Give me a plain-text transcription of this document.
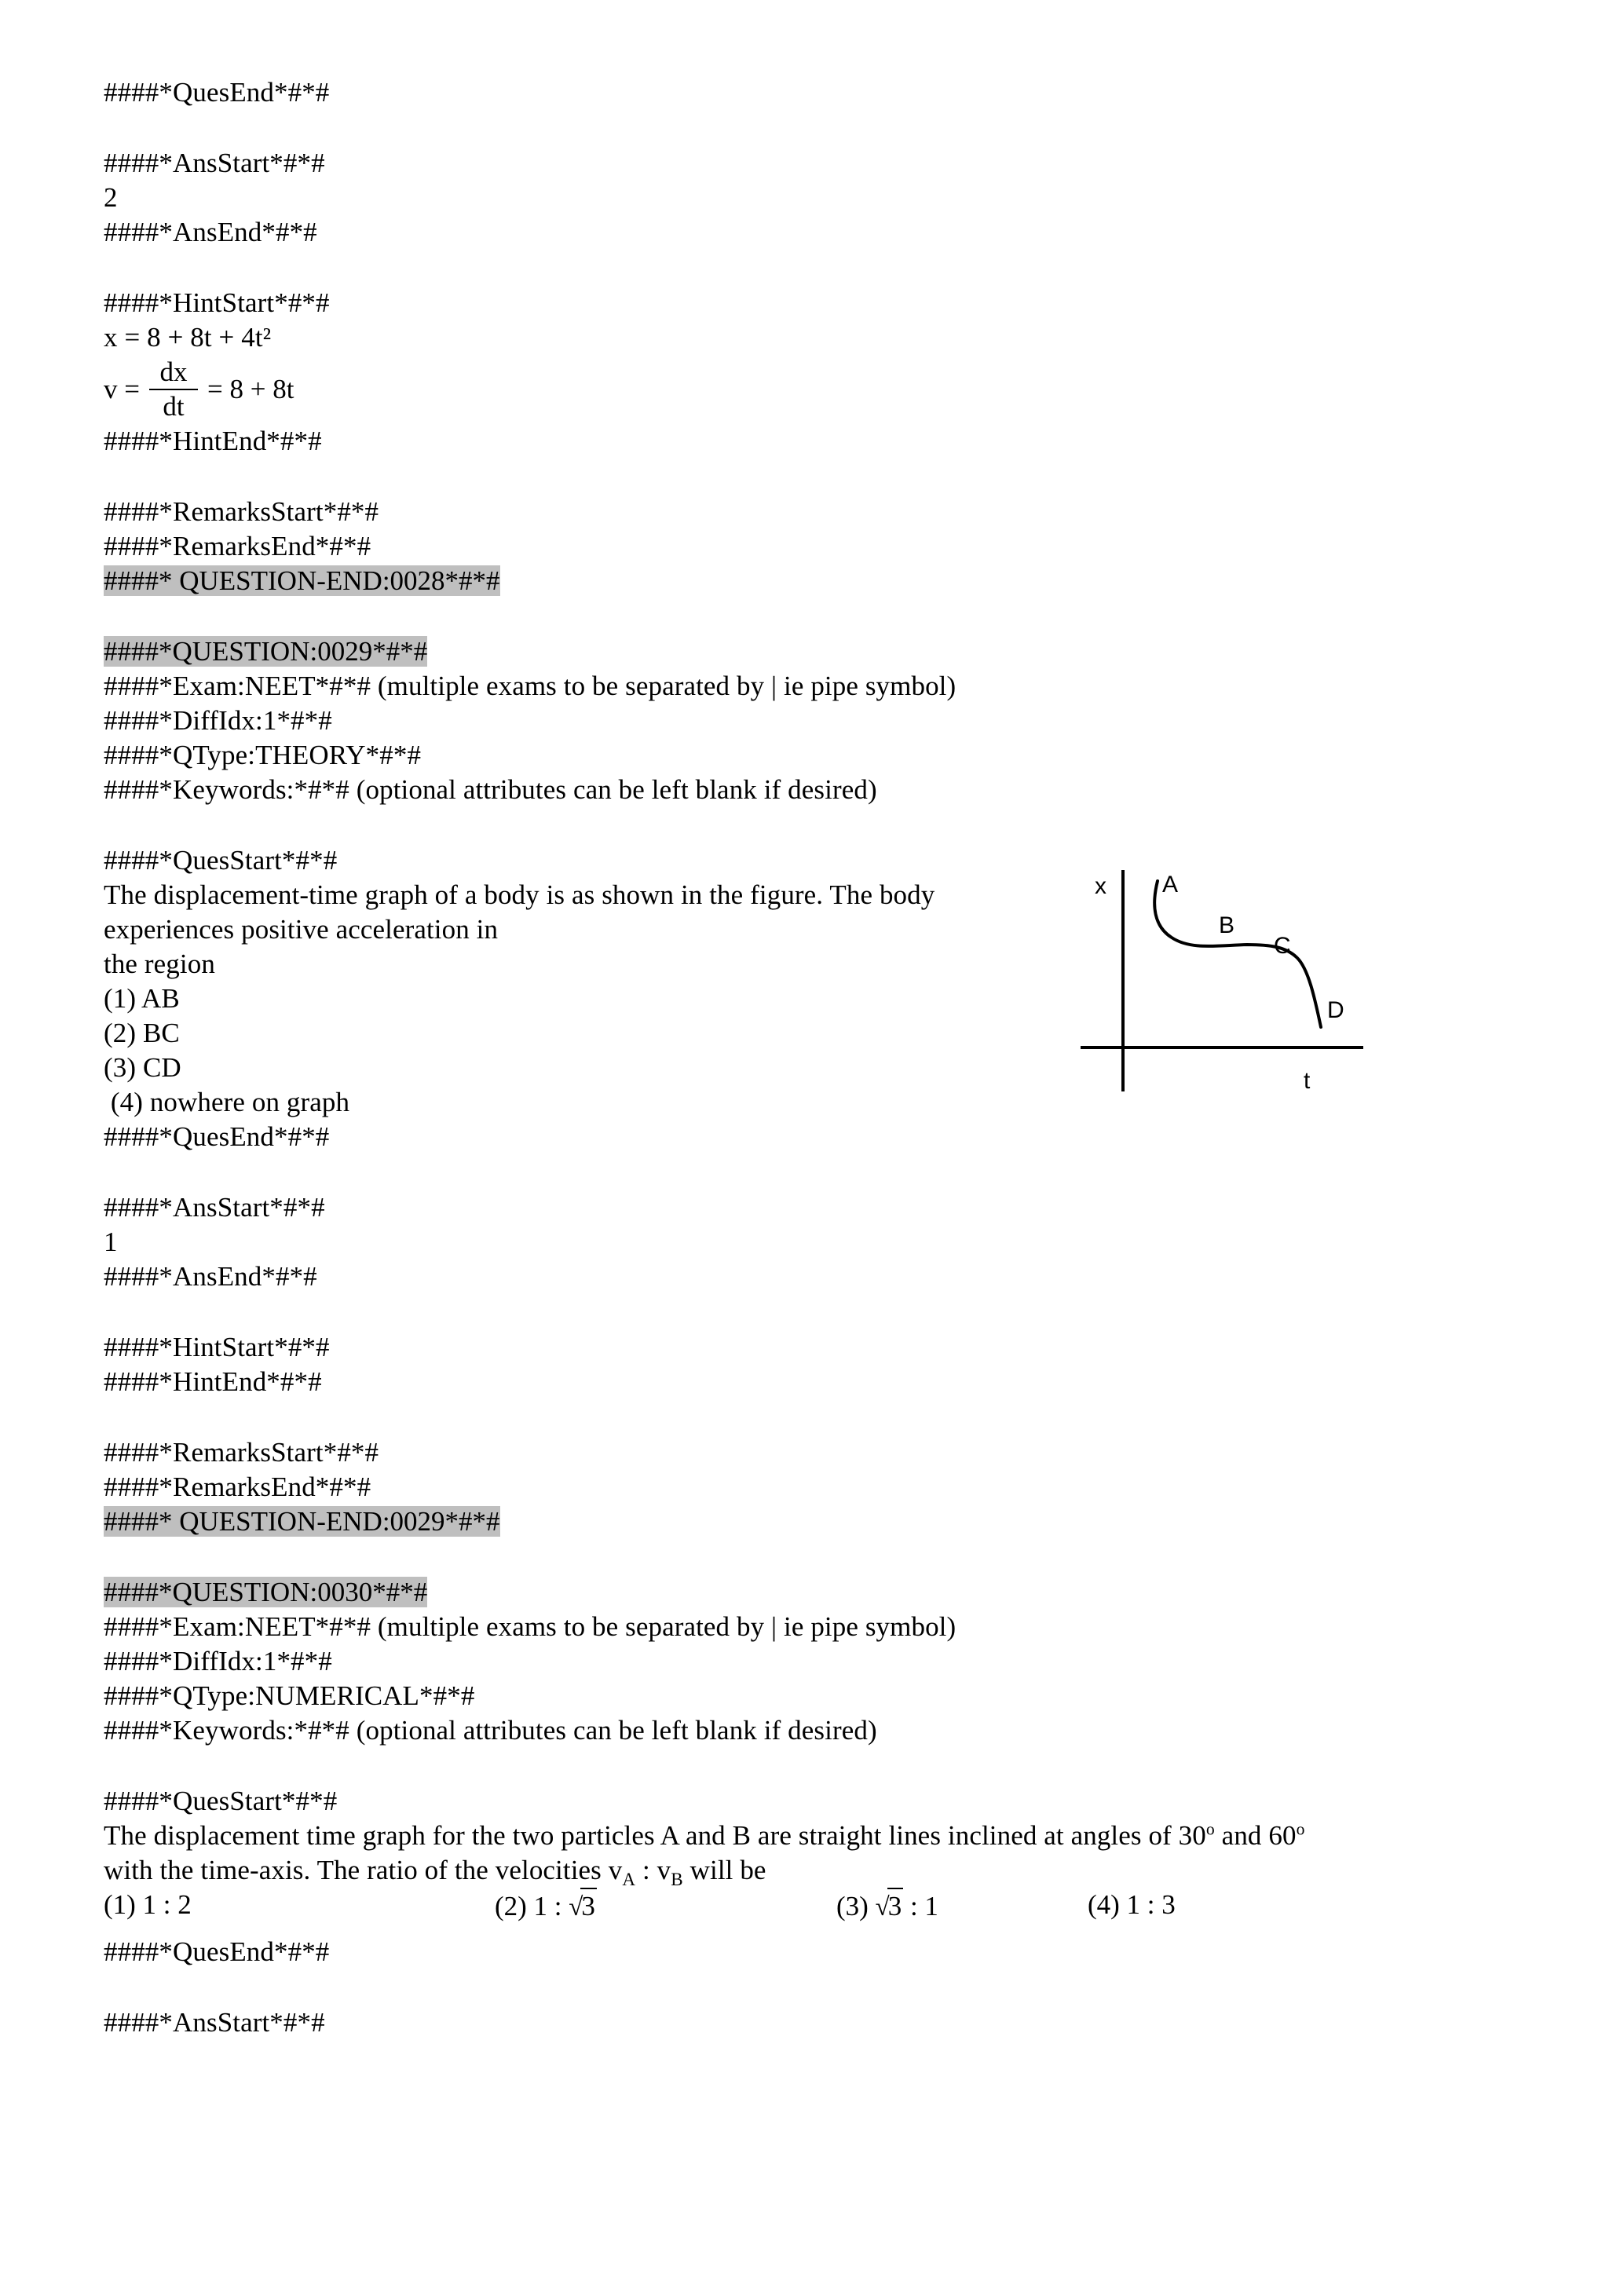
####*QuesEnd*#*#

####*AnsStart*#*#
2
####*AnsEnd*#*#

####*HintStart*#*#
x = 8 + 8t + 4t²
$v = \frac{dx}{dt} = 8 + 8t$
####*HintEnd*#*#

####*RemarksStart*#*#
####*RemarksEnd*#*#
####* QUESTION-END:0028*#*#

####*QUESTION:0029*#*#
####*Exam:NEET*#*# (multiple exams to be separated by | ie pipe symbol)
####*DiffIdx:1*#*#
####*QType:THEORY*#*#
####*Keywords:*#*# (optional attributes can be left blank if desired)

####*QuesStart*#*#
The displacement-time graph of a body is as shown in the figure. The body
experiences positive acceleration in
the region
(1) AB
(2) BC
(3) CD
(4) nowhere on graph
####*QuesEnd*#*#
x
t
A
B
C
D

####*AnsStart*#*#
1
####*AnsEnd*#*#

####*HintStart*#*#
####*HintEnd*#*#

####*RemarksStart*#*#
####*RemarksEnd*#*#
####* QUESTION-END:0029*#*#

####*QUESTION:0030*#*#
####*Exam:NEET*#*# (multiple exams to be separated by | ie pipe symbol)
####*DiffIdx:1*#*#
####*QType:NUMERICAL*#*#
####*Keywords:*#*# (optional attributes can be left blank if desired)

####*QuesStart*#*#
The displacement time graph for the two particles A and B are straight lines inclined at angles of 30$^o$ and 60$^o$
with the time-axis. The ratio of the velocities $v_A$ : $v_B$ will be
(1) 1 : 2	(2) 1 : √3	(3) √3 : 1	(4) 1 : 3
####*QuesEnd*#*#

####*AnsStart*#*#
